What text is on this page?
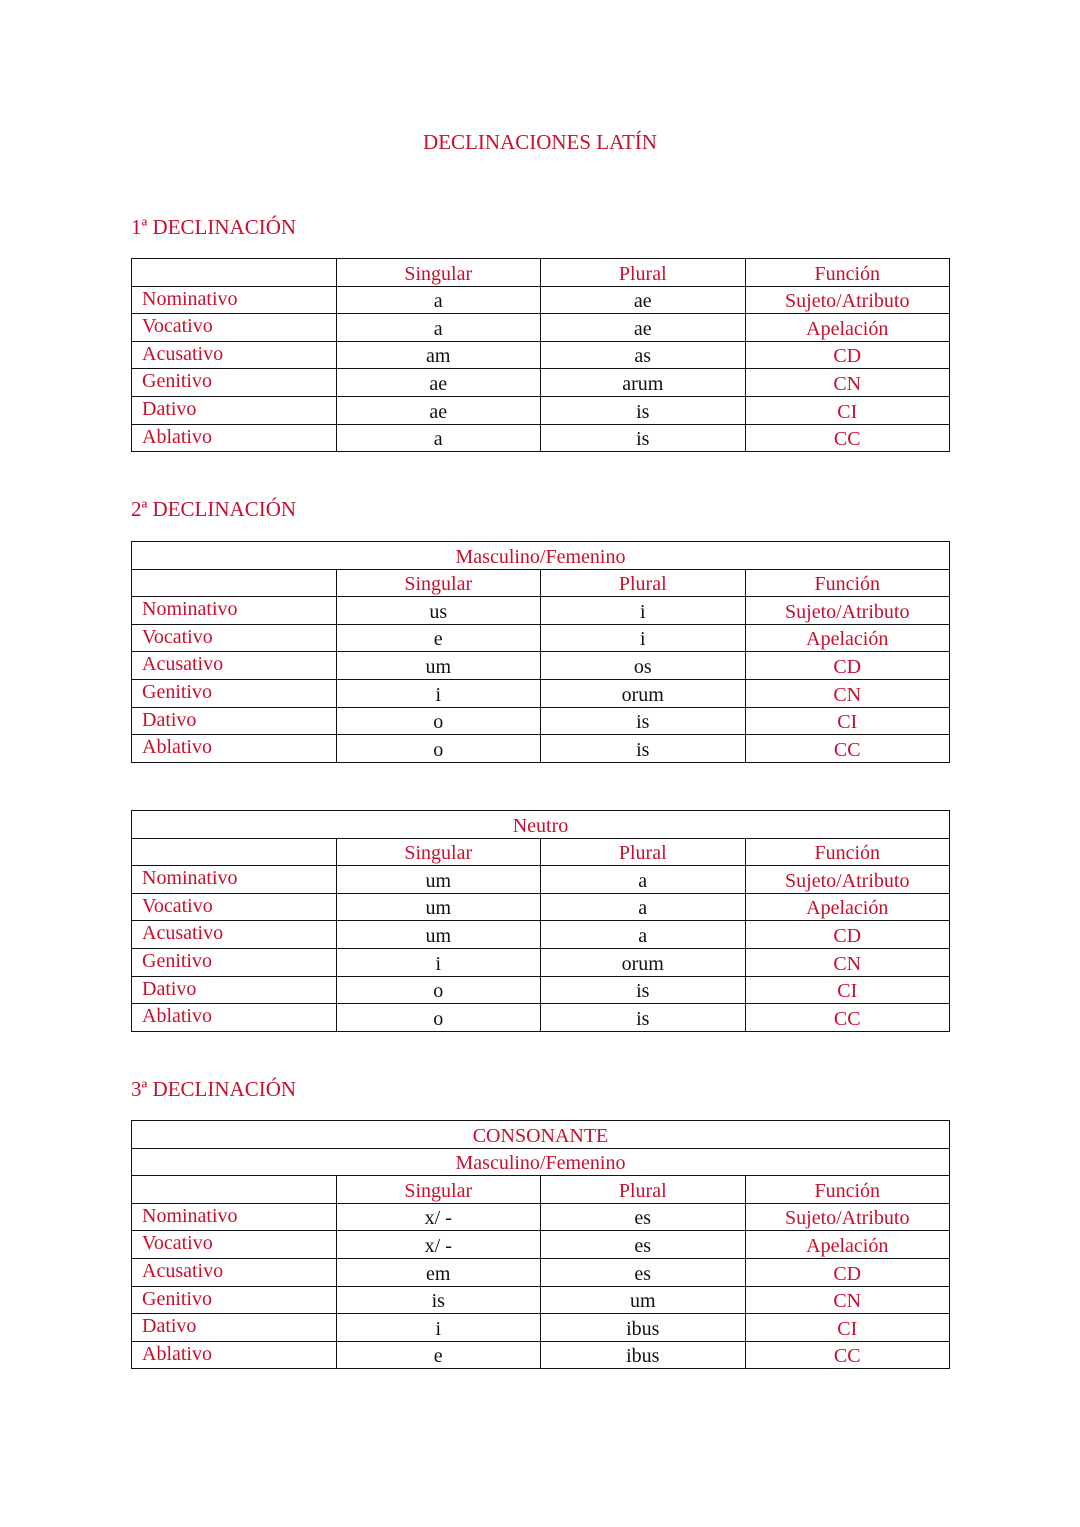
DECLINACIONES LATÍN
1ª DECLINACIÓN
2ª DECLINACIÓN
3ª DECLINACIÓN
	Singular	Plural	Función
Nominativo	a	ae	Sujeto/Atributo
Vocativo	a	ae	Apelación
Acusativo	am	as	CD
Genitivo	ae	arum	CN
Dativo	ae	is	CI
Ablativo	a	is	CC
Masculino/Femenino			
	Singular	Plural	Función
Nominativo	us	i	Sujeto/Atributo
Vocativo	e	i	Apelación
Acusativo	um	os	CD
Genitivo	i	orum	CN
Dativo	o	is	CI
Ablativo	o	is	CC
Neutro			
	Singular	Plural	Función
Nominativo	um	a	Sujeto/Atributo
Vocativo	um	a	Apelación
Acusativo	um	a	CD
Genitivo	i	orum	CN
Dativo	o	is	CI
Ablativo	o	is	CC
CONSONANTE			
Masculino/Femenino			
	Singular	Plural	Función
Nominativo	x/ -	es	Sujeto/Atributo
Vocativo	x/ -	es	Apelación
Acusativo	em	es	CD
Genitivo	is	um	CN
Dativo	i	ibus	CI
Ablativo	e	ibus	CC
